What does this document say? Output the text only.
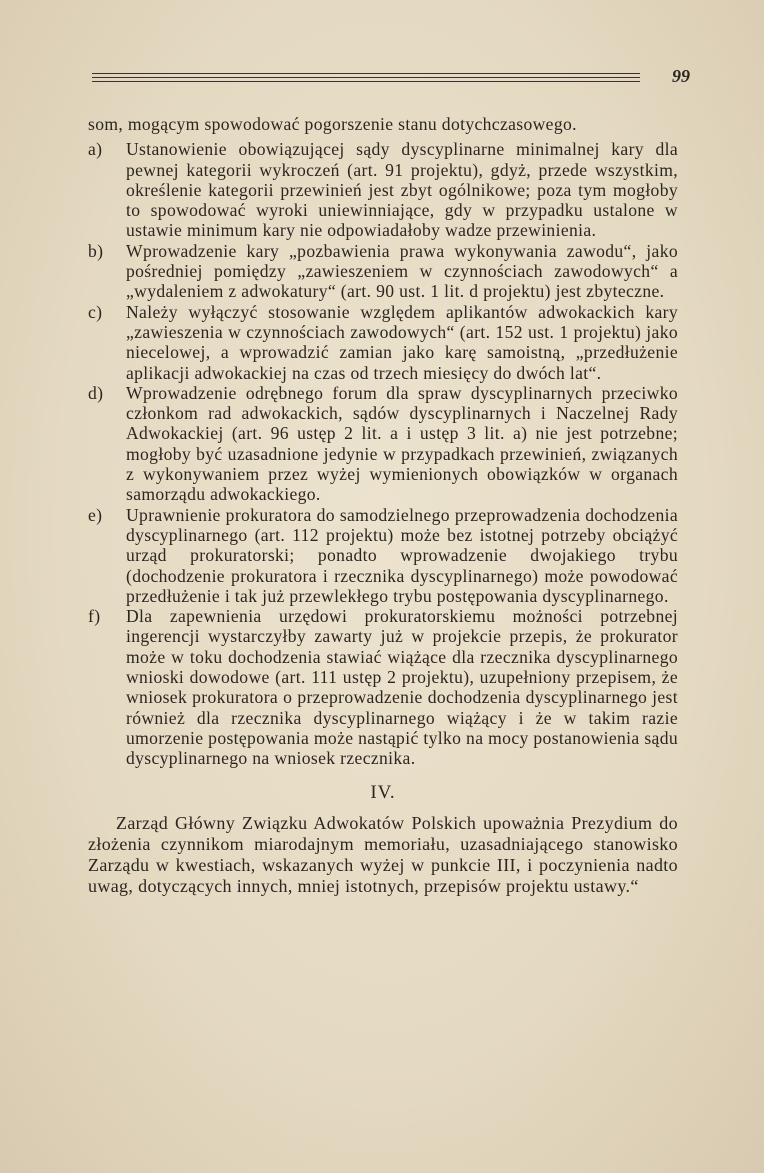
99

som, mogącym spowodować pogorszenie stanu dotychczasowego.

a)	Ustanowienie obowiązującej sądy dyscyplinarne minimalnej kary dla pewnej kategorii wykroczeń (art. 91 projektu), gdyż, przede wszystkim, określenie kategorii przewinień jest zbyt ogólnikowe; poza tym mogłoby to spowodować wyroki uniewinniające, gdy w przypadku ustalone w ustawie minimum kary nie odpowiadałoby wadze przewinienia.
b)	Wprowadzenie kary „pozbawienia prawa wykonywania zawodu“, jako pośredniej pomiędzy „zawieszeniem w czynnościach zawodowych“ a „wydaleniem z adwokatury“ (art. 90 ust. 1 lit. d projektu) jest zbyteczne.
c)	Należy wyłączyć stosowanie względem aplikantów adwokackich kary „zawieszenia w czynnościach zawodowych“ (art. 152 ust. 1 projektu) jako niecelowej, a wprowadzić zamian jako karę samoistną, „przedłużenie aplikacji adwokackiej na czas od trzech miesięcy do dwóch lat“.
d)	Wprowadzenie odrębnego forum dla spraw dyscyplinarnych przeciwko członkom rad adwokackich, sądów dyscyplinarnych i Naczelnej Rady Adwokackiej (art. 96 ustęp 2 lit. a i ustęp 3 lit. a) nie jest potrzebne; mogłoby być uzasadnione jedynie w przypadkach przewinień, związanych z wykonywaniem przez wyżej wymienionych obowiązków w organach samorządu adwokackiego.
e)	Uprawnienie prokuratora do samodzielnego przeprowadzenia dochodzenia dyscyplinarnego (art. 112 projektu) może bez istotnej potrzeby obciążyć urząd prokuratorski; ponadto wprowadzenie dwojakiego trybu (dochodzenie prokuratora i rzecznika dyscyplinarnego) może powodować przedłużenie i tak już przewlekłego trybu postępowania dyscyplinarnego.
f)	Dla zapewnienia urzędowi prokuratorskiemu możności potrzebnej ingerencji wystarczyłby zawarty już w projekcie przepis, że prokurator może w toku dochodzenia stawiać wiążące dla rzecznika dyscyplinarnego wnioski dowodowe (art. 111 ustęp 2 projektu), uzupełniony przepisem, że wniosek prokuratora o przeprowadzenie dochodzenia dyscyplinarnego jest również dla rzecznika dyscyplinarnego wiążący i że w takim razie umorzenie postępowania może nastąpić tylko na mocy postanowienia sądu dyscyplinarnego na wniosek rzecznika.
IV.

Zarząd Główny Związku Adwokatów Polskich upoważnia Prezydium do złożenia czynnikom miarodajnym memoriału, uzasadniającego stanowisko Zarządu w kwestiach, wskazanych wyżej w punkcie III, i poczynienia nadto uwag, dotyczących innych, mniej istotnych, przepisów projektu ustawy.“
